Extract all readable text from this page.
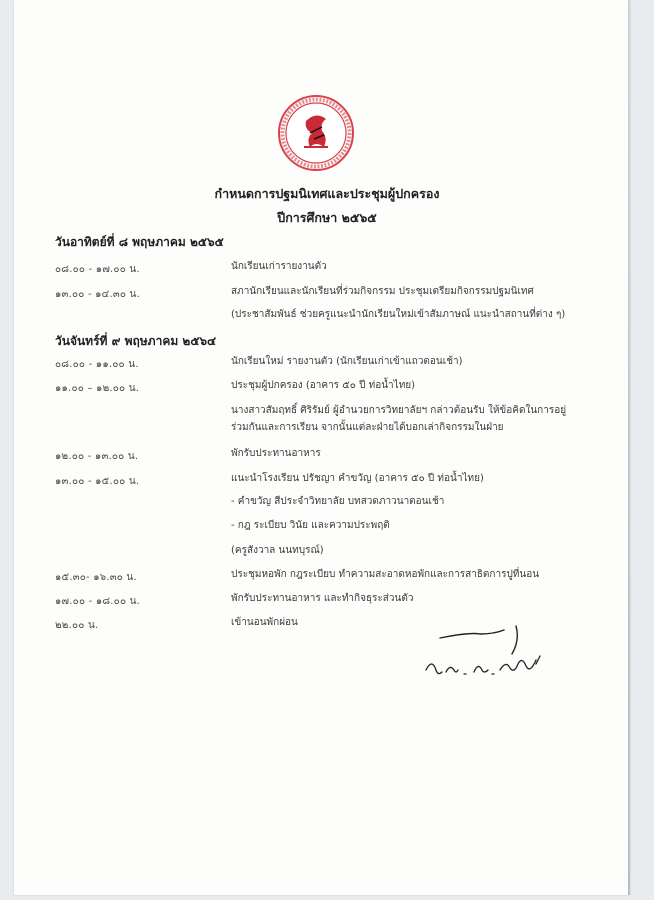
กำหนดการปฐมนิเทศและประชุมผู้ปกครอง
ปีการศึกษา ๒๕๖๕
วันอาทิตย์ที่ ๘ พฤษภาคม ๒๕๖๕
๐๘.๐๐ - ๑๗.๐๐ น.	นักเรียนเก่ารายงานตัว
๑๓.๐๐ - ๑๔.๓๐ น.	สภานักเรียนและนักเรียนที่ร่วมกิจกรรม ประชุมเตรียมกิจกรรมปฐมนิเทศ
(ประชาสัมพันธ์ ช่วยครูแนะนำนักเรียนใหม่เข้าสัมภาษณ์ แนะนำสถานที่ต่าง ๆ)
วันจันทร์ที่ ๙ พฤษภาคม ๒๕๖๔
๐๘.๐๐ - ๑๑.๐๐ น.	นักเรียนใหม่ รายงานตัว (นักเรียนเก่าเข้าแถวตอนเช้า)
๑๑.๐๐ – ๑๒.๐๐ น.	ประชุมผู้ปกครอง (อาคาร ๕๐ ปี ท่อน้ำไทย)
นางสาวสัมฤทธิ์ ศิริรัมย์ ผู้อำนวยการวิทยาลัยฯ กล่าวต้อนรับ ให้ข้อคิดในการอยู่
ร่วมกันและการเรียน จากนั้นแต่ละฝ่ายได้บอกเล่ากิจกรรมในฝ่าย
๑๒.๐๐ - ๑๓.๐๐ น.	พักรับประทานอาหาร
๑๓.๐๐ - ๑๕.๐๐ น.	แนะนำโรงเรียน ปรัชญา คำขวัญ (อาคาร ๕๐ ปี ท่อน้ำไทย)
- คำขวัญ สีประจำวิทยาลัย บทสวดภาวนาตอนเช้า
- กฎ ระเบียบ วินัย และความประพฤติ
(ครูสังวาล นนทบุรณ์)
๑๕.๓๐- ๑๖.๓๐ น.	ประชุมหอพัก กฎระเบียบ ทำความสะอาดหอพักและการสาธิตการปูที่นอน
๑๗.๐๐ - ๑๘.๐๐ น.	พักรับประทานอาหาร และทำกิจธุระส่วนตัว
๒๒.๐๐ น.	เข้านอนพักผ่อน
